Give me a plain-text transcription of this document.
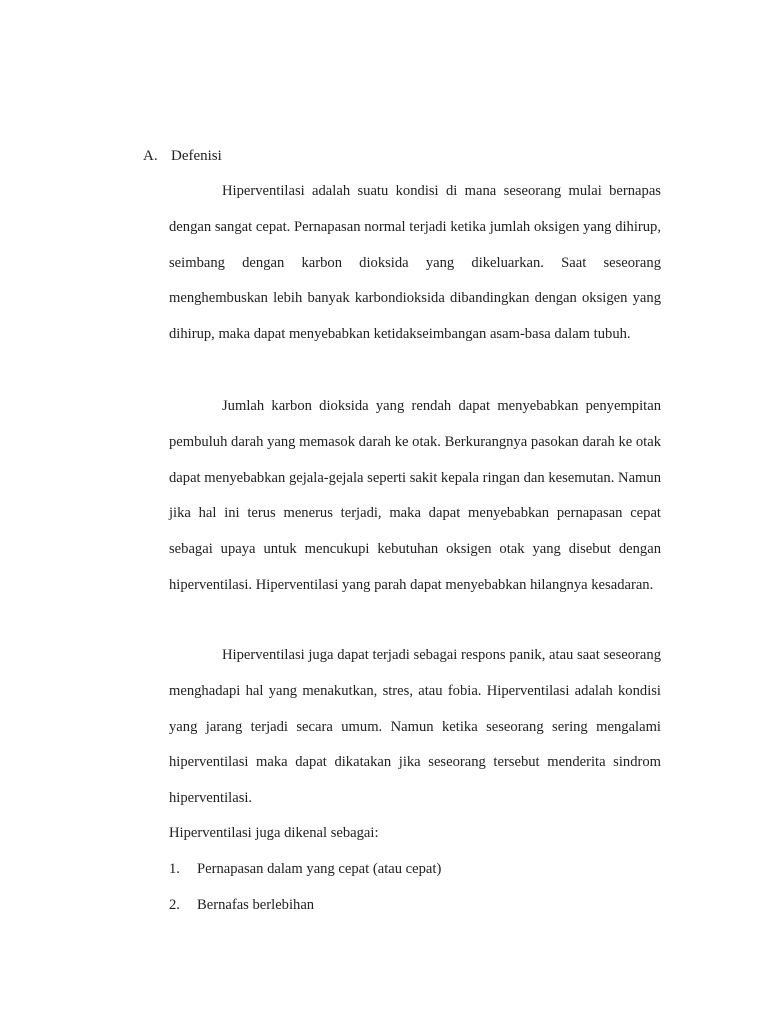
A. Defenisi

Hiperventilasi adalah suatu kondisi di mana seseorang mulai bernapas dengan sangat cepat. Pernapasan normal terjadi ketika jumlah oksigen yang dihirup, seimbang dengan karbon dioksida yang dikeluarkan. Saat seseorang menghembuskan lebih banyak karbondioksida dibandingkan dengan oksigen yang dihirup, maka dapat menyebabkan ketidakseimbangan asam-basa dalam tubuh.

Jumlah karbon dioksida yang rendah dapat menyebabkan penyempitan pembuluh darah yang memasok darah ke otak. Berkurangnya pasokan darah ke otak dapat menyebabkan gejala-gejala seperti sakit kepala ringan dan kesemutan. Namun jika hal ini terus menerus terjadi, maka dapat menyebabkan pernapasan cepat sebagai upaya untuk mencukupi kebutuhan oksigen otak yang disebut dengan hiperventilasi. Hiperventilasi yang parah dapat menyebabkan hilangnya kesadaran.

Hiperventilasi juga dapat terjadi sebagai respons panik, atau saat seseorang menghadapi hal yang menakutkan, stres, atau fobia. Hiperventilasi adalah kondisi yang jarang terjadi secara umum. Namun ketika seseorang sering mengalami hiperventilasi maka dapat dikatakan jika seseorang tersebut menderita sindrom hiperventilasi.

Hiperventilasi juga dikenal sebagai:
1. Pernapasan dalam yang cepat (atau cepat)
2. Bernafas berlebihan
